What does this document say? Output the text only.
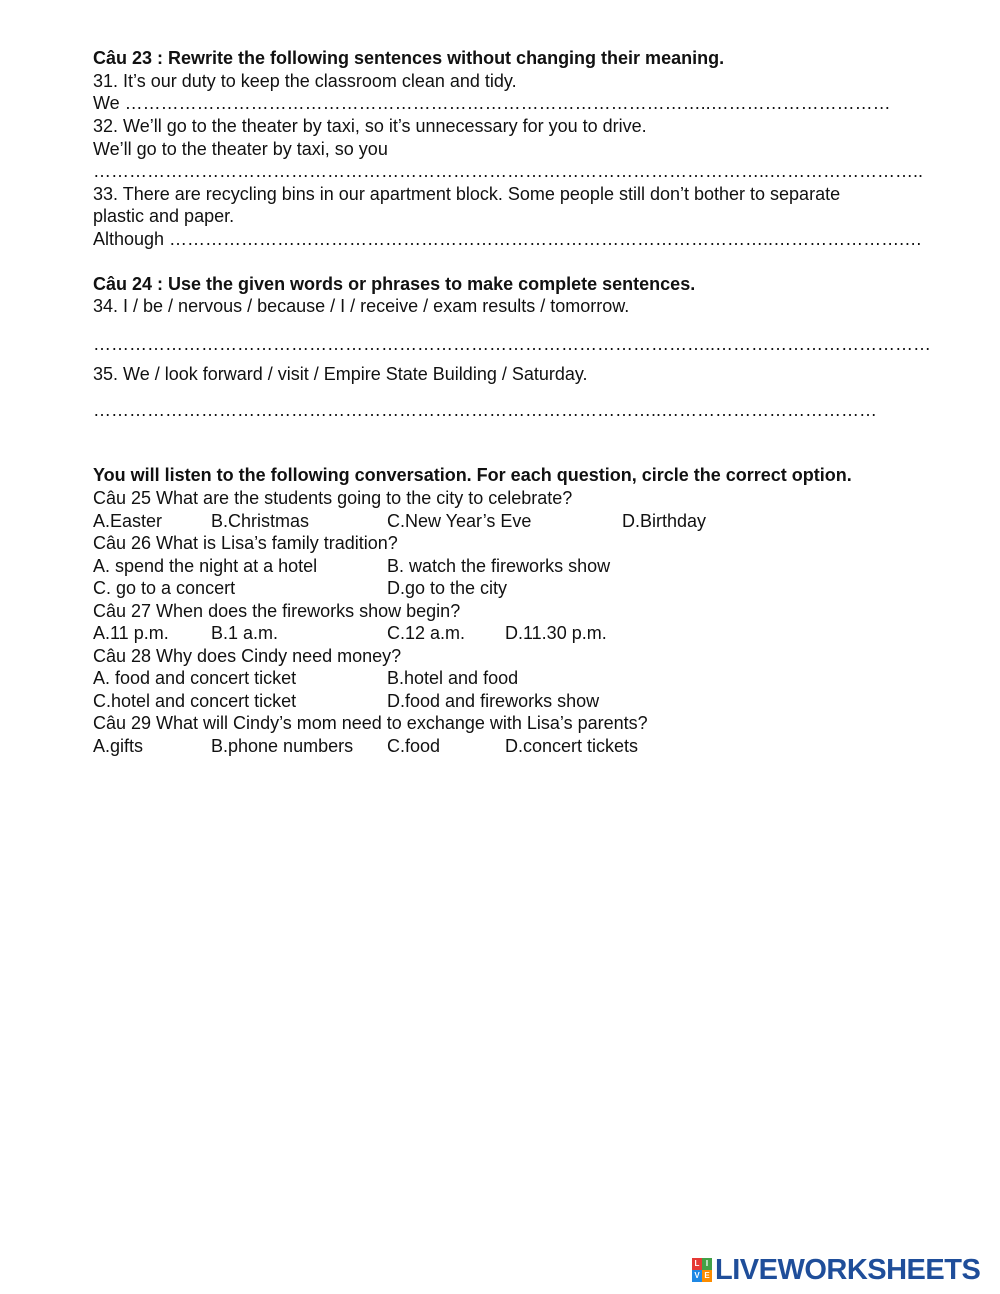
Câu 23 : Rewrite the following sentences without changing their meaning.
31. It’s our duty to keep the classroom clean and tidy.
We ……………………………………………………………………………………..…………………………
32. We’ll go to the theater by taxi, so it’s unnecessary for you to drive.
We’ll go to the theater by taxi, so you
…………………………………………………………………………………………………..……………………..
33. There are recycling bins in our apartment block. Some people still don’t bother to separate
plastic and paper.
Although ………………………………………………………………………………………..………………….…
Câu 24 : Use the given words or phrases to make complete sentences.
34. I / be / nervous / because / I / receive / exam results / tomorrow.
…………………………………………………………………………………………..………………………………
35. We / look forward / visit / Empire State Building / Saturday.
…………………………………………………………………………………..………………………………
You will listen to the following conversation. For each question, circle the correct option.
Câu 25 What are the students going to the city to celebrate?
A.Easter	B.Christmas	C.New Year’s Eve	D.Birthday
Câu 26 What is Lisa’s family tradition?
A. spend the night at a hotel	B. watch the fireworks show
C. go to a concert	D.go to the city
Câu 27 When does the fireworks show begin?
A.11 p.m. B.1 a.m.	C.12 a.m. D.11.30 p.m.
Câu 28 Why does Cindy need money?
A. food and concert ticket	B.hotel and food
C.hotel and concert ticket	D.food and fireworks show
Câu 29 What will Cindy’s mom need to exchange with Lisa’s parents?
A.gifts	B.phone numbers C.food	D.concert tickets
L I
V E LIVEWORKSHEETS
